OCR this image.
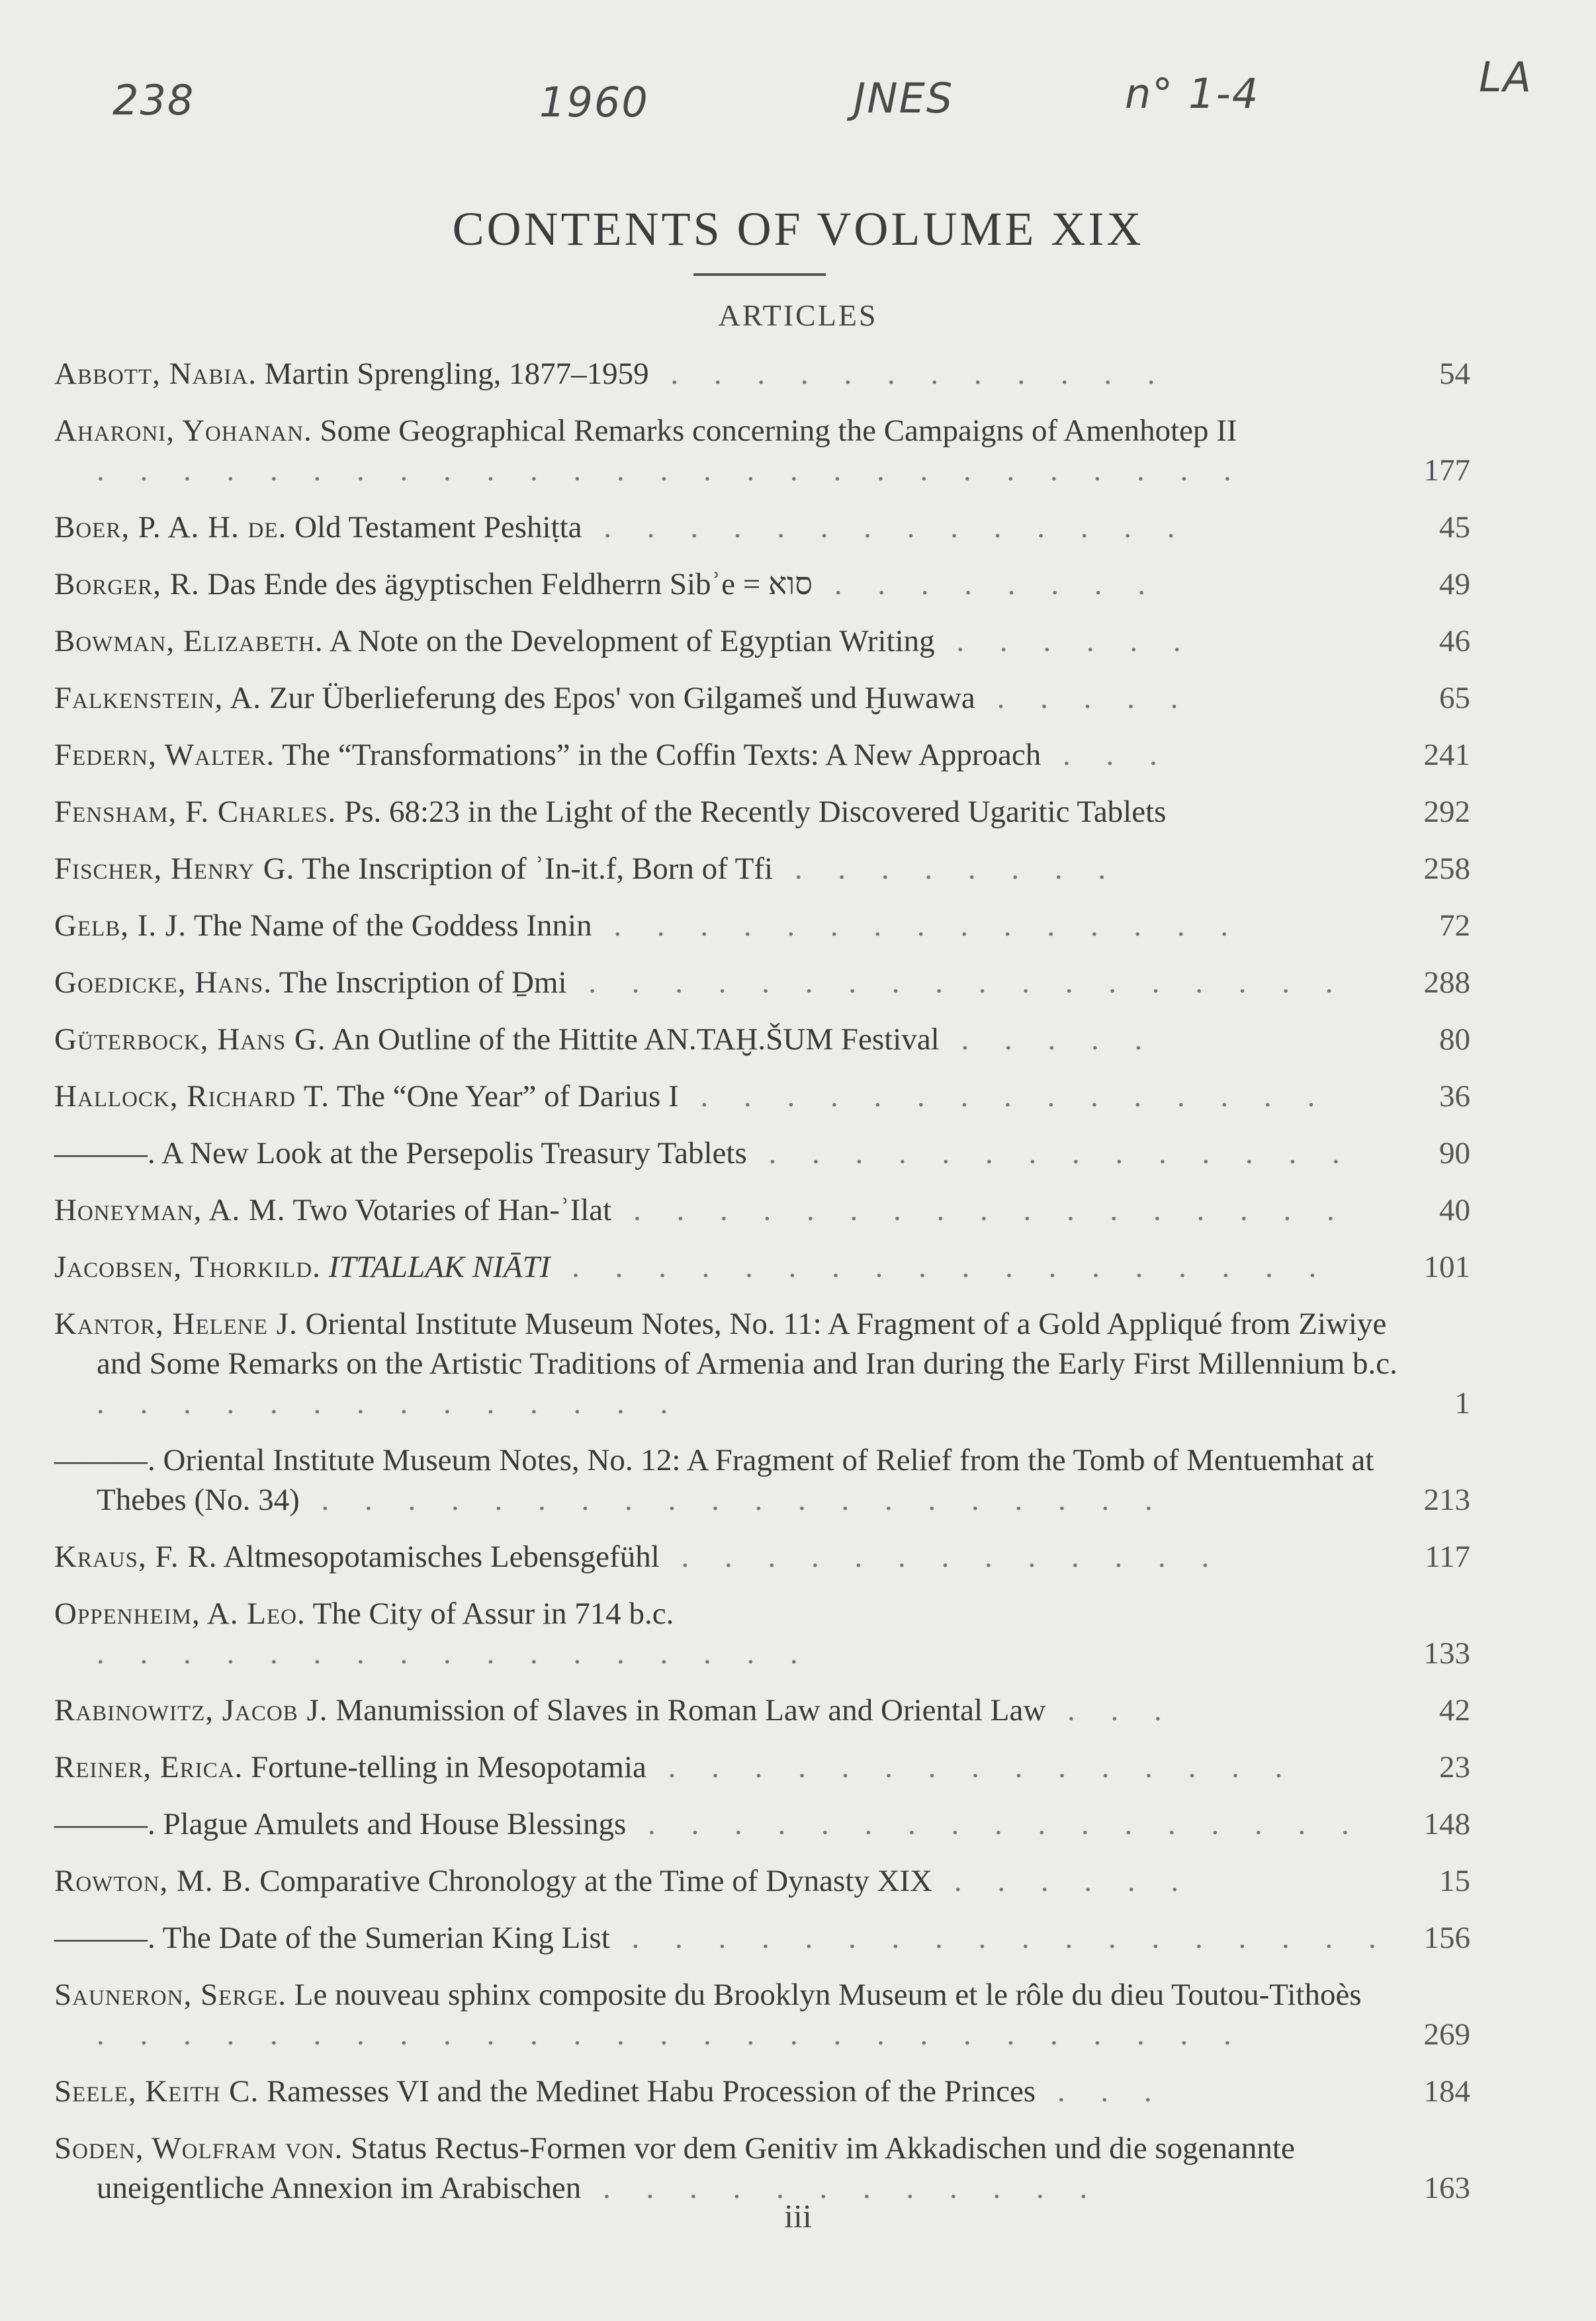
238	1960	JNES	n° 1-4	LA
CONTENTS OF VOLUME XIX
ARTICLES
Abbott, Nabia. Martin Sprengling, 1877–1959 . . . . . . . . . . . .	54
Aharoni, Yohanan. Some Geographical Remarks concerning the Campaigns of Amenhotep II . . . . . . . . . . . . . . . . . . . . . . . . . . .	177
Boer, P. A. H. de. Old Testament Peshiṭta . . . . . . . . . . . . . .	45
Borger, R. Das Ende des ägyptischen Feldherrn Sibʾe = סוא . . . . . . . .	49
Bowman, Elizabeth. A Note on the Development of Egyptian Writing . . . . . .	46
Falkenstein, A. Zur Überlieferung des Epos' von Gilgameš und Ḫuwawa . . . . .	65
Federn, Walter. The “Transformations” in the Coffin Texts: A New Approach . . .	241
Fensham, F. Charles. Ps. 68:23 in the Light of the Recently Discovered Ugaritic Tablets	292
Fischer, Henry G. The Inscription of ʾIn-it.f, Born of Tfi . . . . . . . .	258
Gelb, I. J. The Name of the Goddess Innin . . . . . . . . . . . . . . .	72
Goedicke, Hans. The Inscription of Ḏmi . . . . . . . . . . . . . . . . . .	288
Güterbock, Hans G. An Outline of the Hittite AN.TAḪ.ŠUM Festival . . . . .	80
Hallock, Richard T. The “One Year” of Darius I . . . . . . . . . . . . . . .	36
———. A New Look at the Persepolis Treasury Tablets . . . . . . . . . . . . . .	90
Honeyman, A. M. Two Votaries of Han-ʾIlat . . . . . . . . . . . . . . . . .	40
Jacobsen, Thorkild. ITTALLAK NIĀTI . . . . . . . . . . . . . . . . . .	101
Kantor, Helene J. Oriental Institute Museum Notes, No. 11: A Fragment of a Gold Appliqué from Ziwiye and Some Remarks on the Artistic Traditions of Armenia and Iran during the Early First Millennium b.c. . . . . . . . . . . . . . .	1
———. Oriental Institute Museum Notes, No. 12: A Fragment of Relief from the Tomb of Mentuemhat at Thebes (No. 34) . . . . . . . . . . . . . . . . . . . .	213
Kraus, F. R. Altmesopotamisches Lebensgefühl . . . . . . . . . . . . .	117
Oppenheim, A. Leo. The City of Assur in 714 b.c. . . . . . . . . . . . . . . . . .	133
Rabinowitz, Jacob J. Manumission of Slaves in Roman Law and Oriental Law . . .	42
Reiner, Erica. Fortune-telling in Mesopotamia . . . . . . . . . . . . . . .	23
———. Plague Amulets and House Blessings . . . . . . . . . . . . . . . . .	148
Rowton, M. B. Comparative Chronology at the Time of Dynasty XIX . . . . . .	15
———. The Date of the Sumerian King List . . . . . . . . . . . . . . . . . .	156
Sauneron, Serge. Le nouveau sphinx composite du Brooklyn Museum et le rôle du dieu Toutou-Tithoès . . . . . . . . . . . . . . . . . . . . . . . . . . .	269
Seele, Keith C. Ramesses VI and the Medinet Habu Procession of the Princes . . .	184
Soden, Wolfram von. Status Rectus-Formen vor dem Genitiv im Akkadischen und die sogenannte uneigentliche Annexion im Arabischen . . . . . . . . . . . .	163
iii
